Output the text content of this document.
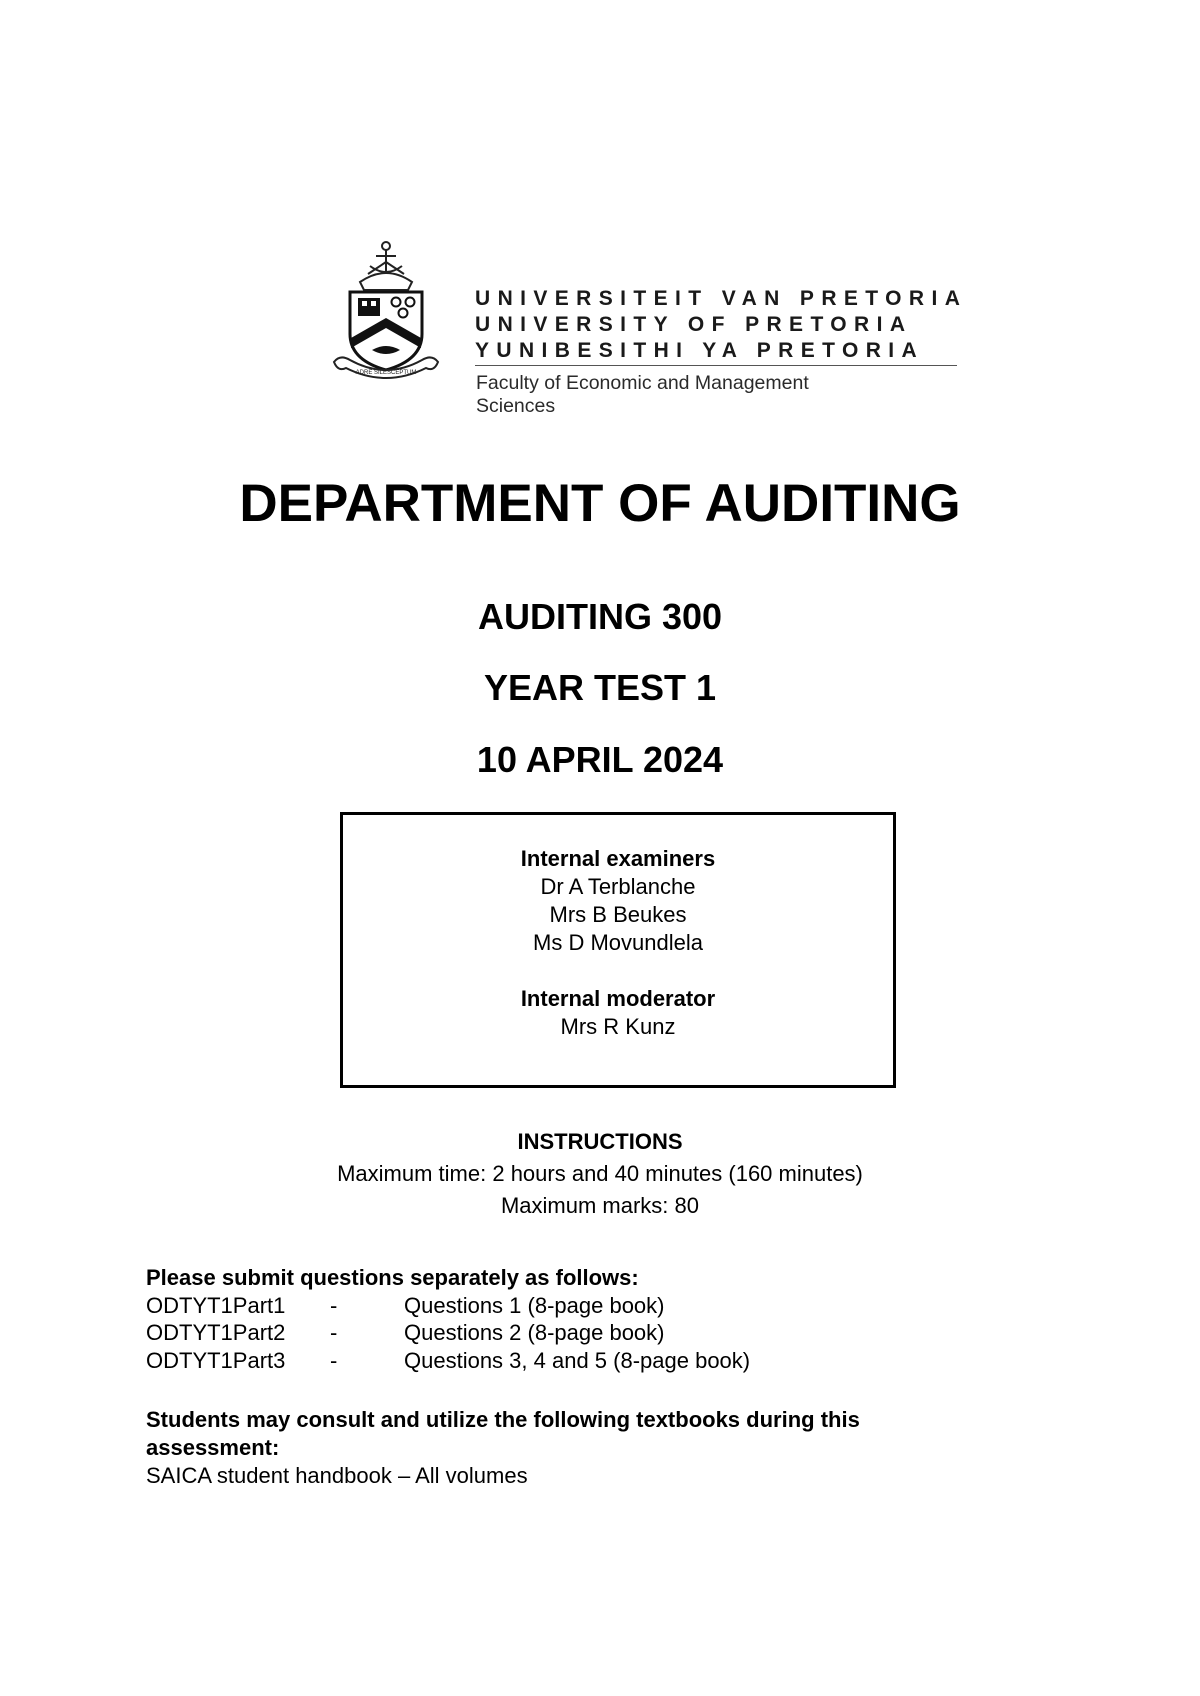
ADRE SILESCEPTUM
UNIVERSITEIT VAN PRETORIA
UNIVERSITY OF PRETORIA
YUNIBESITHI YA PRETORIA
Faculty of Economic and Management
Sciences
DEPARTMENT OF AUDITING
AUDITING 300
YEAR TEST 1
10 APRIL 2024
Internal examiners
Dr A Terblanche
Mrs B Beukes
Ms D Movundlela
Internal moderator
Mrs R Kunz
INSTRUCTIONS
Maximum time: 2 hours and 40 minutes (160 minutes)
Maximum marks: 80
Please submit questions separately as follows:
ODTYT1Part1	-	Questions 1 (8-page book)
ODTYT1Part2	-	Questions 2 (8-page book)
ODTYT1Part3	-	Questions 3, 4 and 5 (8-page book)
Students may consult and utilize the following textbooks during this assessment:
SAICA student handbook – All volumes
